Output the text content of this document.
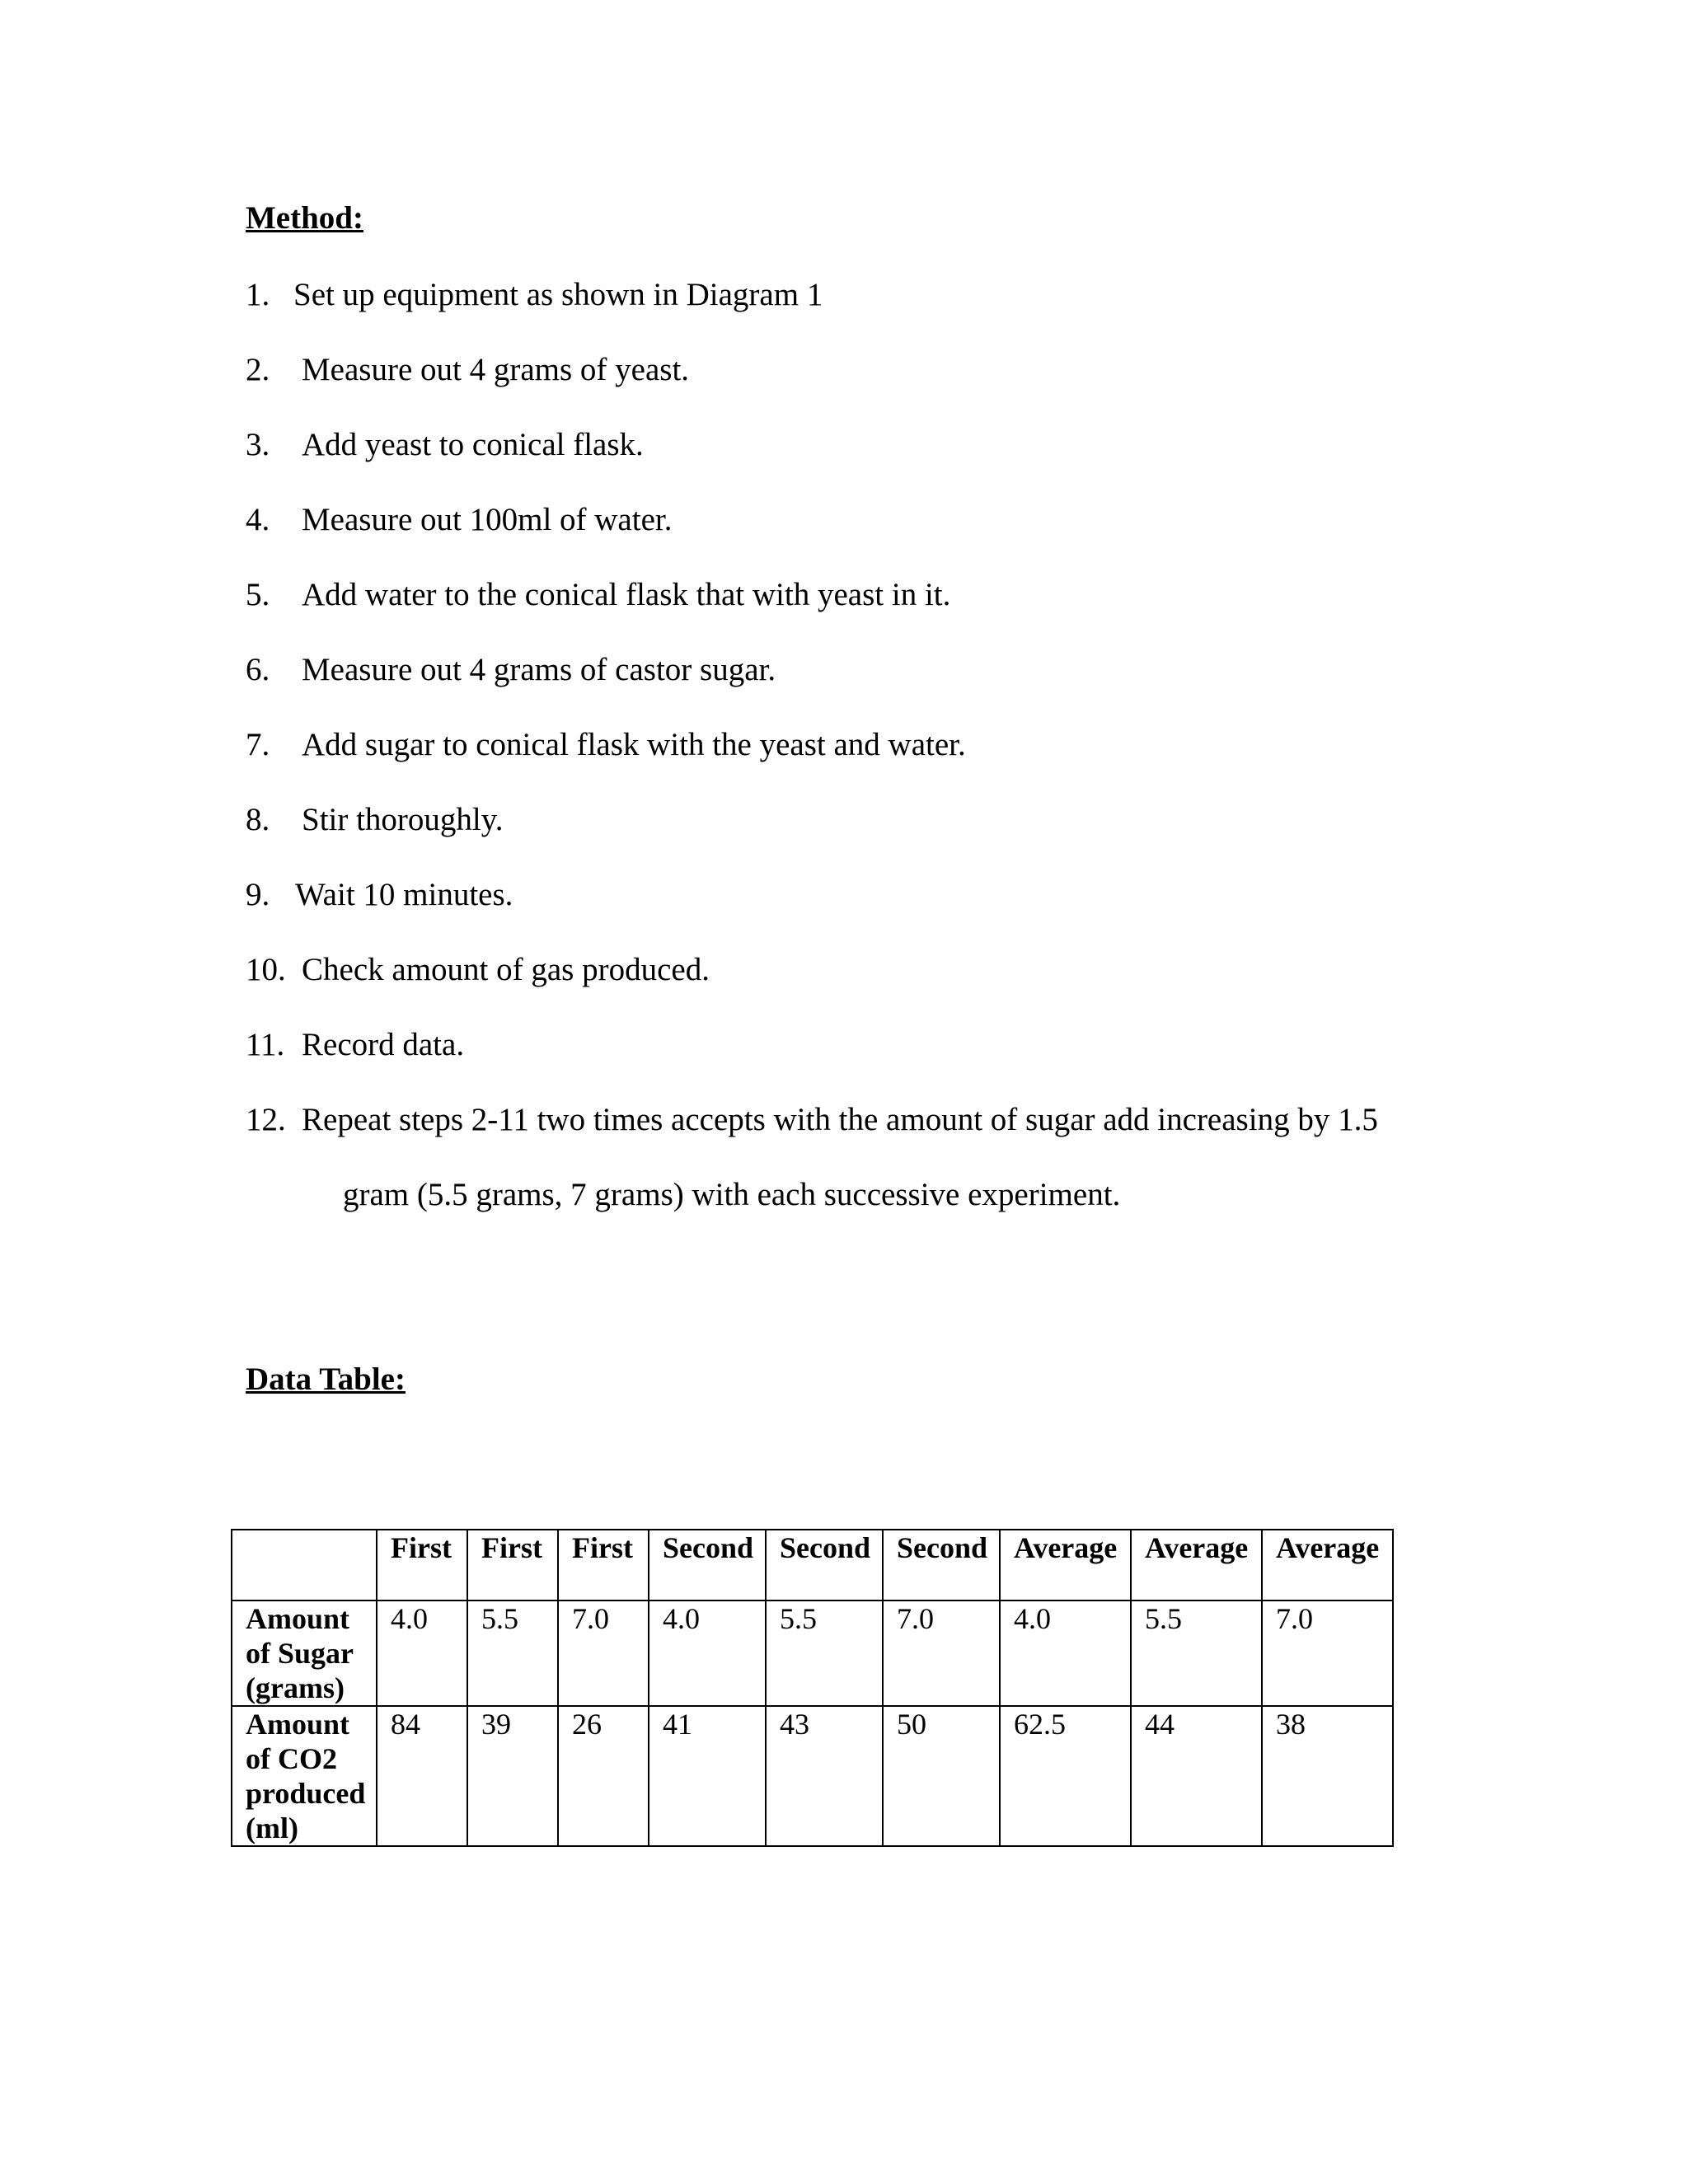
Method:
1. Set up equipment as shown in Diagram 1
2. Measure out 4 grams of yeast.
3. Add yeast to conical flask.
4. Measure out 100ml of water.
5. Add water to the conical flask that with yeast in it.
6. Measure out 4 grams of castor sugar.
7. Add sugar to conical flask with the yeast and water.
8. Stir thoroughly.
9. Wait 10 minutes.
10. Check amount of gas produced.
11. Record data.
12. Repeat steps 2-11 two times accepts with the amount of sugar add increasing by 1.5
gram (5.5 grams, 7 grams) with each successive experiment.
Data Table:
	First	First	First	Second	Second	Second	Average	Average	Average
Amount of Sugar (grams)	4.0	5.5	7.0	4.0	5.5	7.0	4.0	5.5	7.0
Amount of CO2 produced (ml)	84	39	26	41	43	50	62.5	44	38
